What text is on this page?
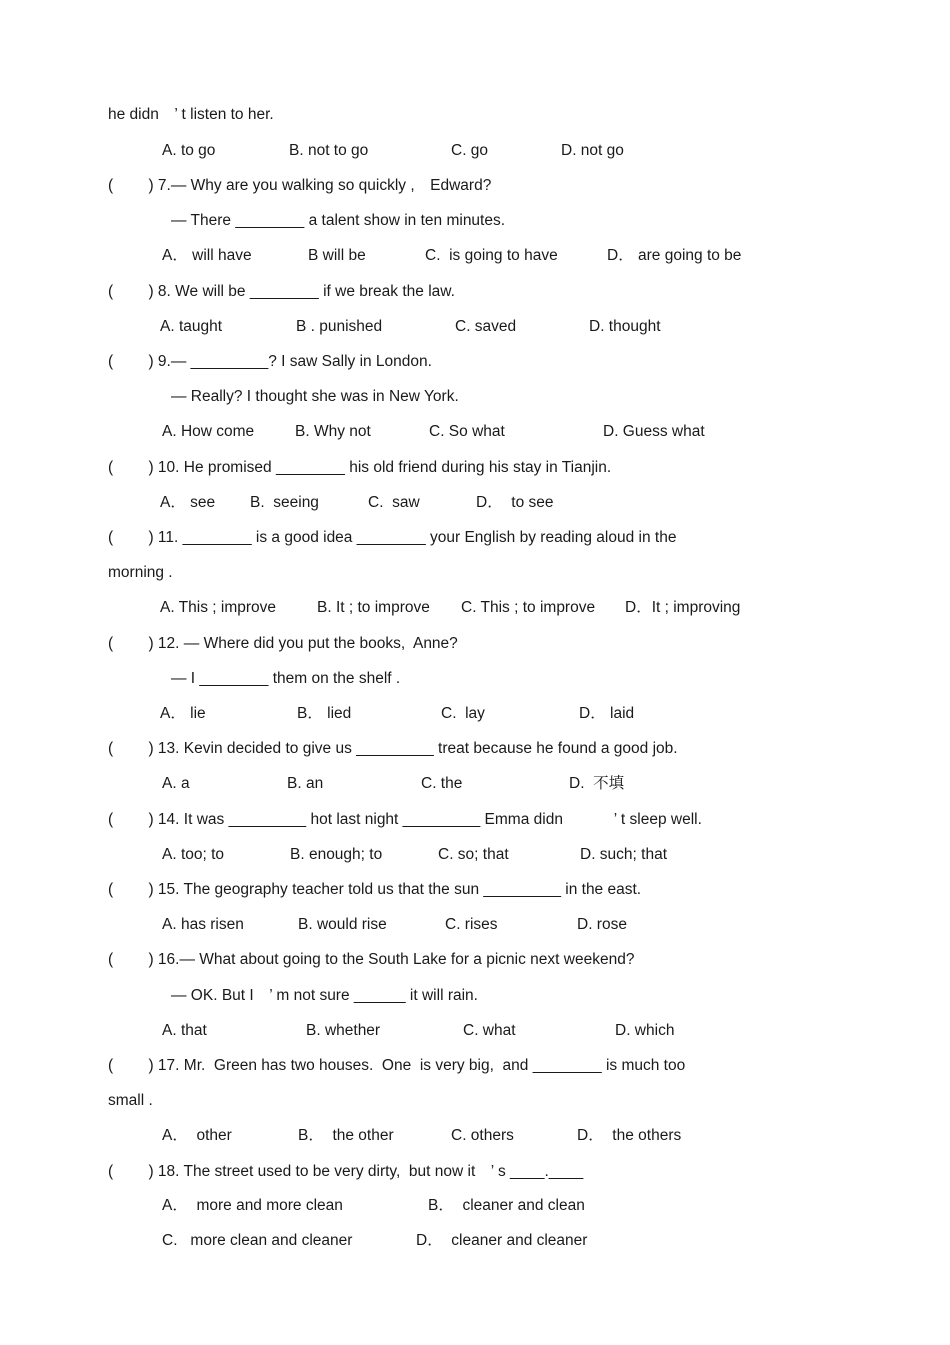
he didn　’ t listen to her.
A. to go	B. not to go	C. go	D. not go
(　　 ) 7.— Why are you walking so quickly ,　Edward?
— There ________ a talent show in ten minutes.
A． will have	B will be	C.  is going to have	D． are going to be
(　　 ) 8. We will be ________ if we break the law.
A. taught	B . punished	C. saved	D. thought
(　　 ) 9.— _________? I saw Sally in London.
— Really? I thought she was in New York.
A. How come	B. Why not	C. So what	D. Guess what
(　　 ) 10. He promised ________ his old friend during his stay in Tianjin.
A． see B.  seeing	C.  saw	D．  to see
(　　 ) 11. ________ is a good idea ________ your English by reading aloud in the
morning .
A. This ; improve	B. It ; to improve C. This ; to improve D．It ; improving
(　　 ) 12. — Where did you put the books,  Anne?
— I ________ them on the shelf .
A． lie	B． lied	C.  lay	D． laid
(　　 ) 13. Kevin decided to give us _________ treat because he found a good job.
A. a	B. an	C. the	D.  不填
(　　 ) 14. It was _________ hot last night _________ Emma didn　　　 ’ t sleep well.
A. too; to	B. enough; to	C. so; that	D. such; that
(　　 ) 15. The geography teacher told us that the sun _________ in the east.
A. has risen	B. would rise	C. rises	D. rose
(　　 ) 16.— What about going to the South Lake for a picnic next weekend?
— OK. But I　’ m not sure ______ it will rain.
A. that	B. whether	C. what	D. which
(　　 ) 17. Mr.  Green has two houses.  One  is very big,  and ________ is much too
small .
A．  other	B．  the other	C. others	D．  the others
(　　 ) 18. The street used to be very dirty,  but now it　’ s ____.____
A．  more and more clean	B．  cleaner and clean
C.   more clean and cleaner	D．  cleaner and cleaner
